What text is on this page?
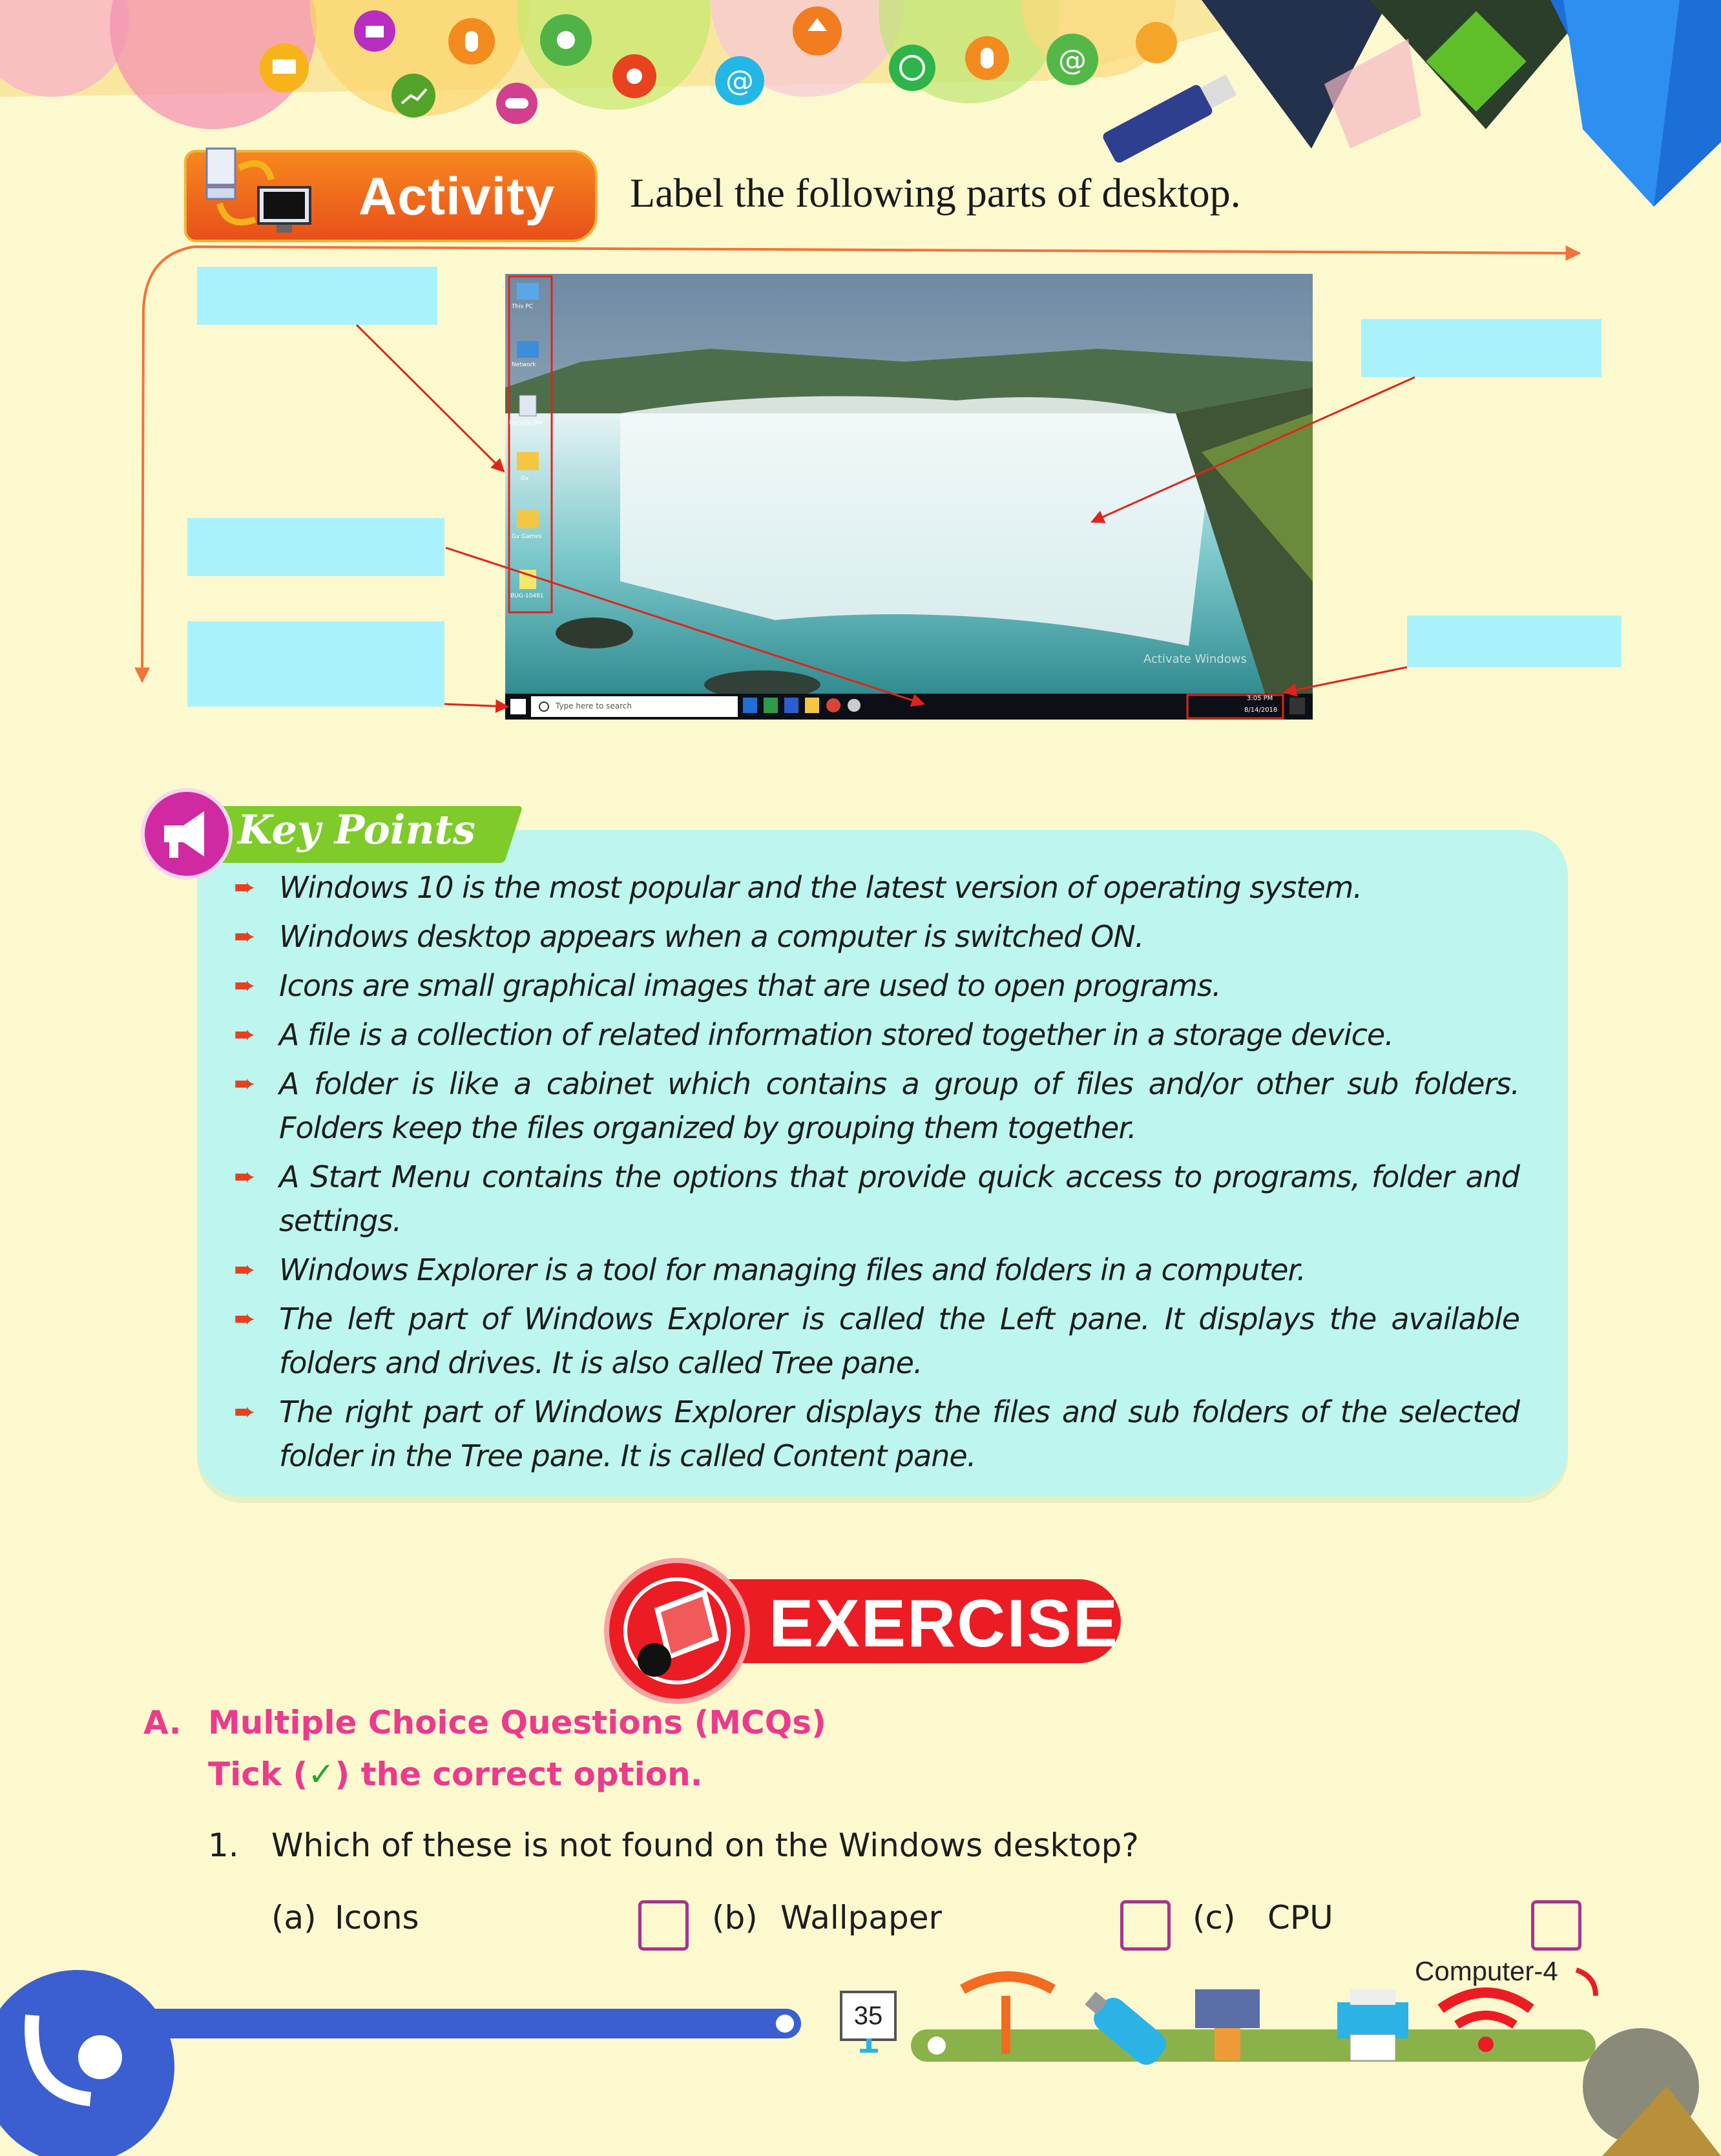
@
@
Activity Label the following parts of desktop.
This PC
Network
Recycle Bin
Gv
Gv Games
BUG-10481
Type here to search
Activate Windows
3:05 PM
8/14/2018
Key Points
➨ Windows 10 is the most popular and the latest version of operating system.
➨ Windows desktop appears when a computer is switched ON.
➨ Icons are small graphical images that are used to open programs.
➨ A file is a collection of related information stored together in a storage device.
➨ A folder is like a cabinet which contains a group of files and/or other sub folders. Folders keep the files organized by grouping them together.
➨ A Start Menu contains the options that provide quick access to programs, folder and settings.
➨ Windows Explorer is a tool for managing files and folders in a computer.
➨ The left part of Windows Explorer is called the Left pane. It displays the available folders and drives. It is also called Tree pane.
➨ The right part of Windows Explorer displays the files and sub folders of the selected folder in the Tree pane. It is called Content pane.
EXERCISE
A. Multiple Choice Questions (MCQs)
Tick (✓) the correct option.
1. Which of these is not found on the Windows desktop?
(a) Icons	(b) Wallpaper	(c) CPU
35
Computer-4
